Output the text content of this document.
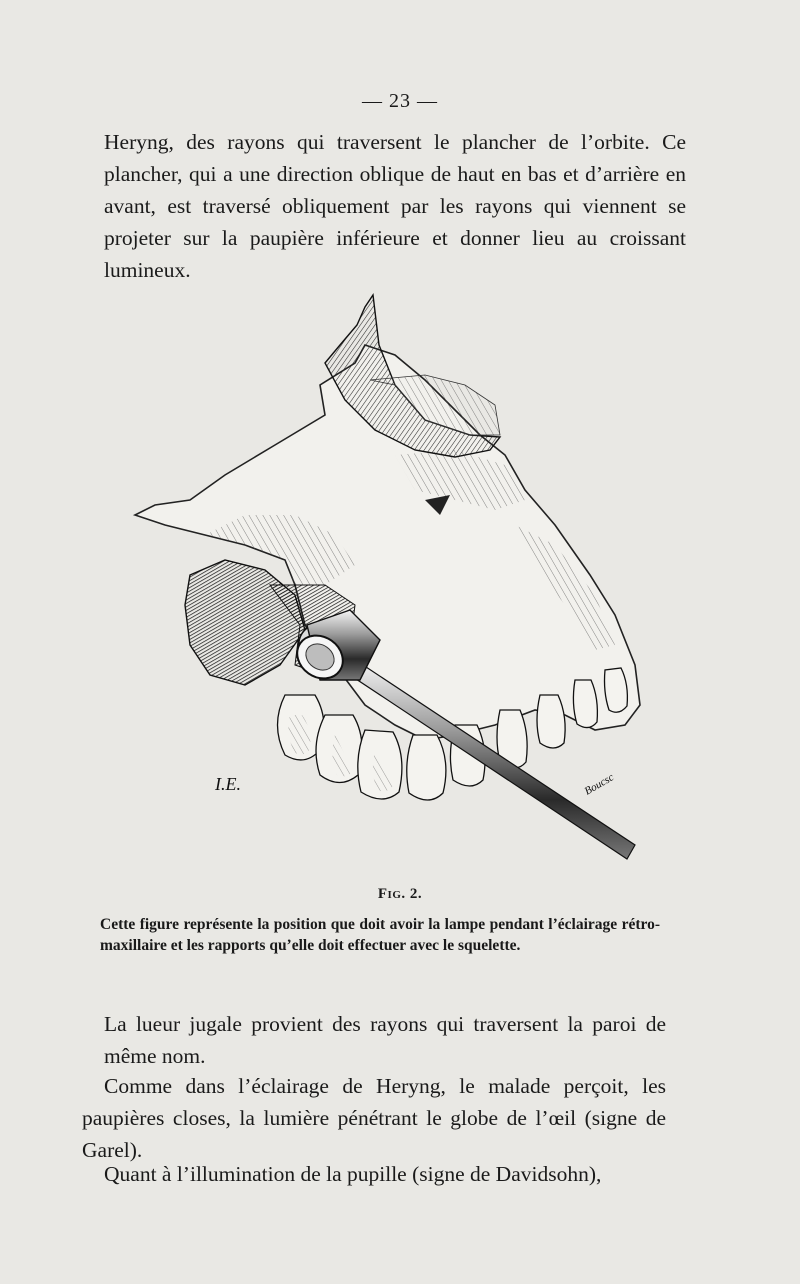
— 23 —

Heryng, des rayons qui traversent le plancher de l’orbite. Ce plancher, qui a une direction oblique de haut en bas et d’arrière en avant, est traversé obliquement par les rayons qui viennent se projeter sur la paupière inférieure et donner lieu au croissant lumineux.

I.E.	Boucsc
Fig. 2.
Cette figure représente la position que doit avoir la lampe pendant l’éclairage rétro-maxillaire et les rapports qu’elle doit effectuer avec le squelette.

La lueur jugale provient des rayons qui traversent la paroi de même nom.

Comme dans l’éclairage de Heryng, le malade perçoit, les paupières closes, la lumière pénétrant le globe de l’œil (signe de Garel).

Quant à l’illumination de la pupille (signe de Davidsohn),
